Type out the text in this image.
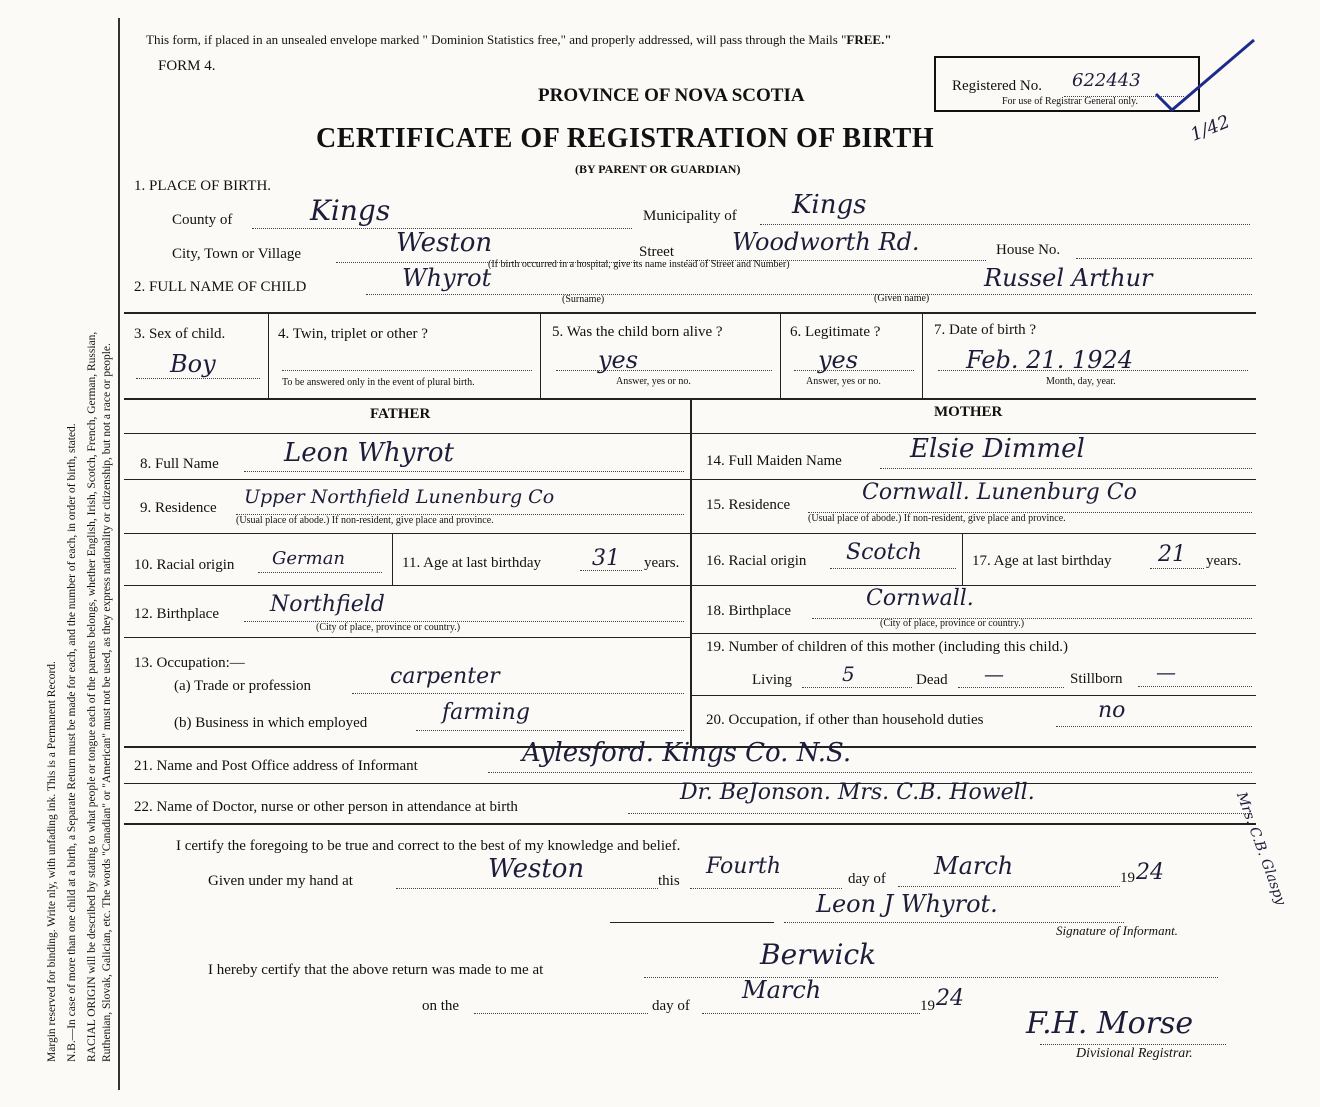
Margin reserved for binding. Write nly, with unfading ink. This is a Permanent Record. N.B.—In case of more than one child at a birth, a Separate Return must be made for each, and the number of each, in order of birth, stated. RACIAL ORIGIN will be described by stating to what people or tongue each of the parents belongs, whether English, Irish, Scotch, French, German, Russian, Ruthenian, Slovak, Galician, etc. The words "Canadian" or "American" must not be used, as they express nationality or citizenship, but not a race or people.
This form, if placed in an unsealed envelope marked " Dominion Statistics free," and properly addressed, will pass through the Mails "FREE."
FORM 4.
PROVINCE OF NOVA SCOTIA
CERTIFICATE OF REGISTRATION OF BIRTH
(BY PARENT OR GUARDIAN)
Registered No. 622443
For use of Registrar General only.
1/42
1. PLACE OF BIRTH.
County of	Kings	Municipality of Kings
City, Town or Village	Weston	Street Woodworth Rd.	House No.
(If birth occurred in a hospital, give its name instead of Street and Number)
2. FULL NAME OF CHILD	Whyrot	Russel Arthur
(Surname)	(Given name)
3. Sex of child.
Boy
4. Twin, triplet or other ?
To be answered only in the event of plural birth.
5. Was the child born alive ?
yes
Answer, yes or no.
6. Legitimate ?
yes
Answer, yes or no.
7. Date of birth ?
Feb. 21. 1924
Month, day, year.
FATHER	MOTHER
8. Full Name	Leon Whyrot
9. Residence Upper Northfield Lunenburg Co
(Usual place of abode.) If non-resident, give place and province.
10. Racial origin German	11. Age at last birthday 31 years.
12. Birthplace Northfield
(City of place, province or country.)
13. Occupation:—
(a) Trade or profession	carpenter
(b) Business in which employed	farming
14. Full Maiden Name	Elsie Dimmel
15. Residence	Cornwall. Lunenburg Co
(Usual place of abode.) If non-resident, give place and province.
16. Racial origin Scotch	17. Age at last birthday 21 years.
18. Birthplace	Cornwall.
(City of place, province or country.)
19. Number of children of this mother (including this child.)
Living	5	Dead —	Stillborn —
20. Occupation, if other than household duties	no
21. Name and Post Office address of Informant	Aylesford. Kings Co. N.S.
22. Name of Doctor, nurse or other person in attendance at birth
Dr. BeJonson. Mrs. C.B. Howell.	Mrs. C.B. Glaspy
I certify the foregoing to be true and correct to the best of my knowledge and belief.
Given under my hand at	Weston	this
Fourth	day of March	19 24
Leon J Whyrot.
Signature of Informant.
I hereby certify that the above return was made to me at	Berwick
on the	day of
March
19 24
F.H. Morse
Divisional Registrar.
